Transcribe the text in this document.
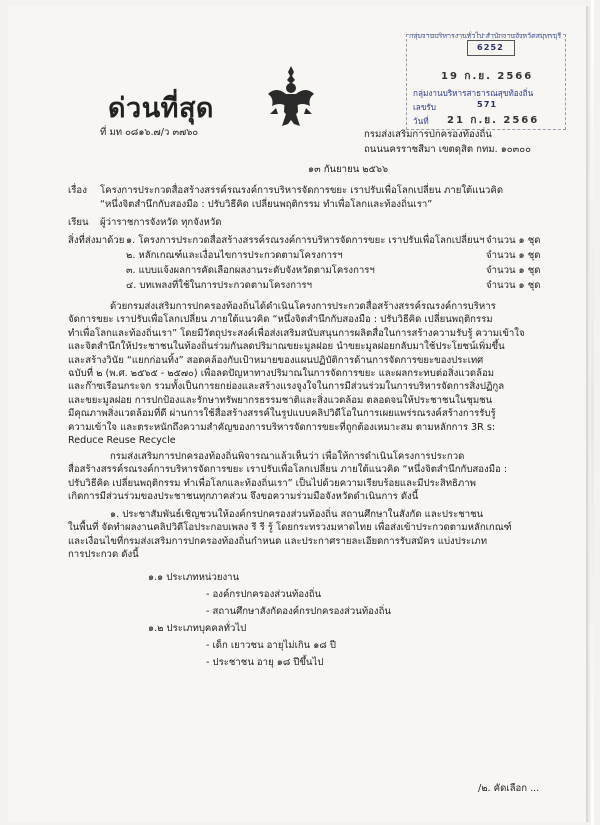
ด่วนที่สุด
กลุ่มงานบริหารงานทั่วไป สำนักงานจังหวัดสมุทรบุรี
6252
19 ก.ย. 2566
กลุ่มงานบริหารสาธารณสุขท้องถิ่น
เลขรับ	571
วันที่ 21 ก.ย. 2566
ที่ มท ๐๘๑๖.๗/ว ๓๗๖๐	กรมส่งเสริมการปกครองท้องถิ่น
ถนนนครราชสีมา เขตดุสิต กทม. ๑๐๓๐๐
๑๓ กันยายน ๒๕๖๖
เรื่อง โครงการประกวดสื่อสร้างสรรค์รณรงค์การบริหารจัดการขยะ เราปรับเพื่อโลกเปลี่ยน ภายใต้แนวคิด
“หนึ่งจิตสำนึกกับสองมือ : ปรับวิธีคิด เปลี่ยนพฤติกรรม ทำเพื่อโลกและท้องถิ่นเรา”
เรียน ผู้ว่าราชการจังหวัด ทุกจังหวัด
สิ่งที่ส่งมาด้วย ๑. โครงการประกวดสื่อสร้างสรรค์รณรงค์การบริหารจัดการขยะ เราปรับเพื่อโลกเปลี่ยนฯ จำนวน ๑ ชุด
๒. หลักเกณฑ์และเงื่อนไขการประกวดตามโครงการฯ	จำนวน ๑ ชุด
๓. แบบแจ้งผลการคัดเลือกผลงานระดับจังหวัดตามโครงการฯ	จำนวน ๑ ชุด
๔. บทเพลงที่ใช้ในการประกวดตามโครงการฯ	จำนวน ๑ ชุด
ด้วยกรมส่งเสริมการปกครองท้องถิ่นได้ดำเนินโครงการประกวดสื่อสร้างสรรค์รณรงค์การบริหาร
จัดการขยะ เราปรับเพื่อโลกเปลี่ยน ภายใต้แนวคิด “หนึ่งจิตสำนึกกับสองมือ : ปรับวิธีคิด เปลี่ยนพฤติกรรม
ทำเพื่อโลกและท้องถิ่นเรา” โดยมีวัตถุประสงค์เพื่อส่งเสริมสนับสนุนการผลิตสื่อในการสร้างความรับรู้ ความเข้าใจ
และจิตสำนึกให้ประชาชนในท้องถิ่นร่วมกันลดปริมาณขยะมูลฝอย นำขยะมูลฝอยกลับมาใช้ประโยชน์เพิ่มขึ้น
และสร้างวินัย “แยกก่อนทิ้ง” สอดคล้องกับเป้าหมายของแผนปฏิบัติการด้านการจัดการขยะของประเทศ
ฉบับที่ ๒ (พ.ศ. ๒๕๖๕ - ๒๕๗๐) เพื่อลดปัญหาทางปริมาณในการจัดการขยะ และผลกระทบต่อสิ่งแวดล้อม
และก๊าซเรือนกระจก รวมทั้งเป็นการยกย่องและสร้างแรงจูงใจในการมีส่วนร่วมในการบริหารจัดการสิ่งปฏิกูล
และขยะมูลฝอย การปกป้องและรักษาทรัพยากรธรรมชาติและสิ่งแวดล้อม ตลอดจนให้ประชาชนในชุมชน
มีคุณภาพสิ่งแวดล้อมที่ดี ผ่านการใช้สื่อสร้างสรรค์ในรูปแบบคลิปวิดีโอในการเผยแพร่รณรงค์สร้างการรับรู้
ความเข้าใจ และตระหนักถึงความสำคัญของการบริหารจัดการขยะที่ถูกต้องเหมาะสม ตามหลักการ 3R s:
Reduce Reuse Recycle
กรมส่งเสริมการปกครองท้องถิ่นพิจารณาแล้วเห็นว่า เพื่อให้การดำเนินโครงการประกวด
สื่อสร้างสรรค์รณรงค์การบริหารจัดการขยะ เราปรับเพื่อโลกเปลี่ยน ภายใต้แนวคิด “หนึ่งจิตสำนึกกับสองมือ :
ปรับวิธีคิด เปลี่ยนพฤติกรรม ทำเพื่อโลกและท้องถิ่นเรา” เป็นไปด้วยความเรียบร้อยและมีประสิทธิภาพ
เกิดการมีส่วนร่วมของประชาชนทุกภาคส่วน จึงขอความร่วมมือจังหวัดดำเนินการ ดังนี้
๑. ประชาสัมพันธ์เชิญชวนให้องค์กรปกครองส่วนท้องถิ่น สถานศึกษาในสังกัด และประชาชน
ในพื้นที่ จัดทำผลงานคลิปวิดีโอประกอบเพลง รี รี รู้ โดยกระทรวงมหาดไทย เพื่อส่งเข้าประกวดตามหลักเกณฑ์
และเงื่อนไขที่กรมส่งเสริมการปกครองท้องถิ่นกำหนด และประกาศรายละเอียดการรับสมัคร แบ่งประเภท
การประกวด ดังนี้
๑.๑ ประเภทหน่วยงาน
- องค์กรปกครองส่วนท้องถิ่น
- สถานศึกษาสังกัดองค์กรปกครองส่วนท้องถิ่น
๑.๒ ประเภทบุคคลทั่วไป
- เด็ก เยาวชน อายุไม่เกิน ๑๘ ปี
- ประชาชน อายุ ๑๘ ปีขึ้นไป
/๒. คัดเลือก ...
